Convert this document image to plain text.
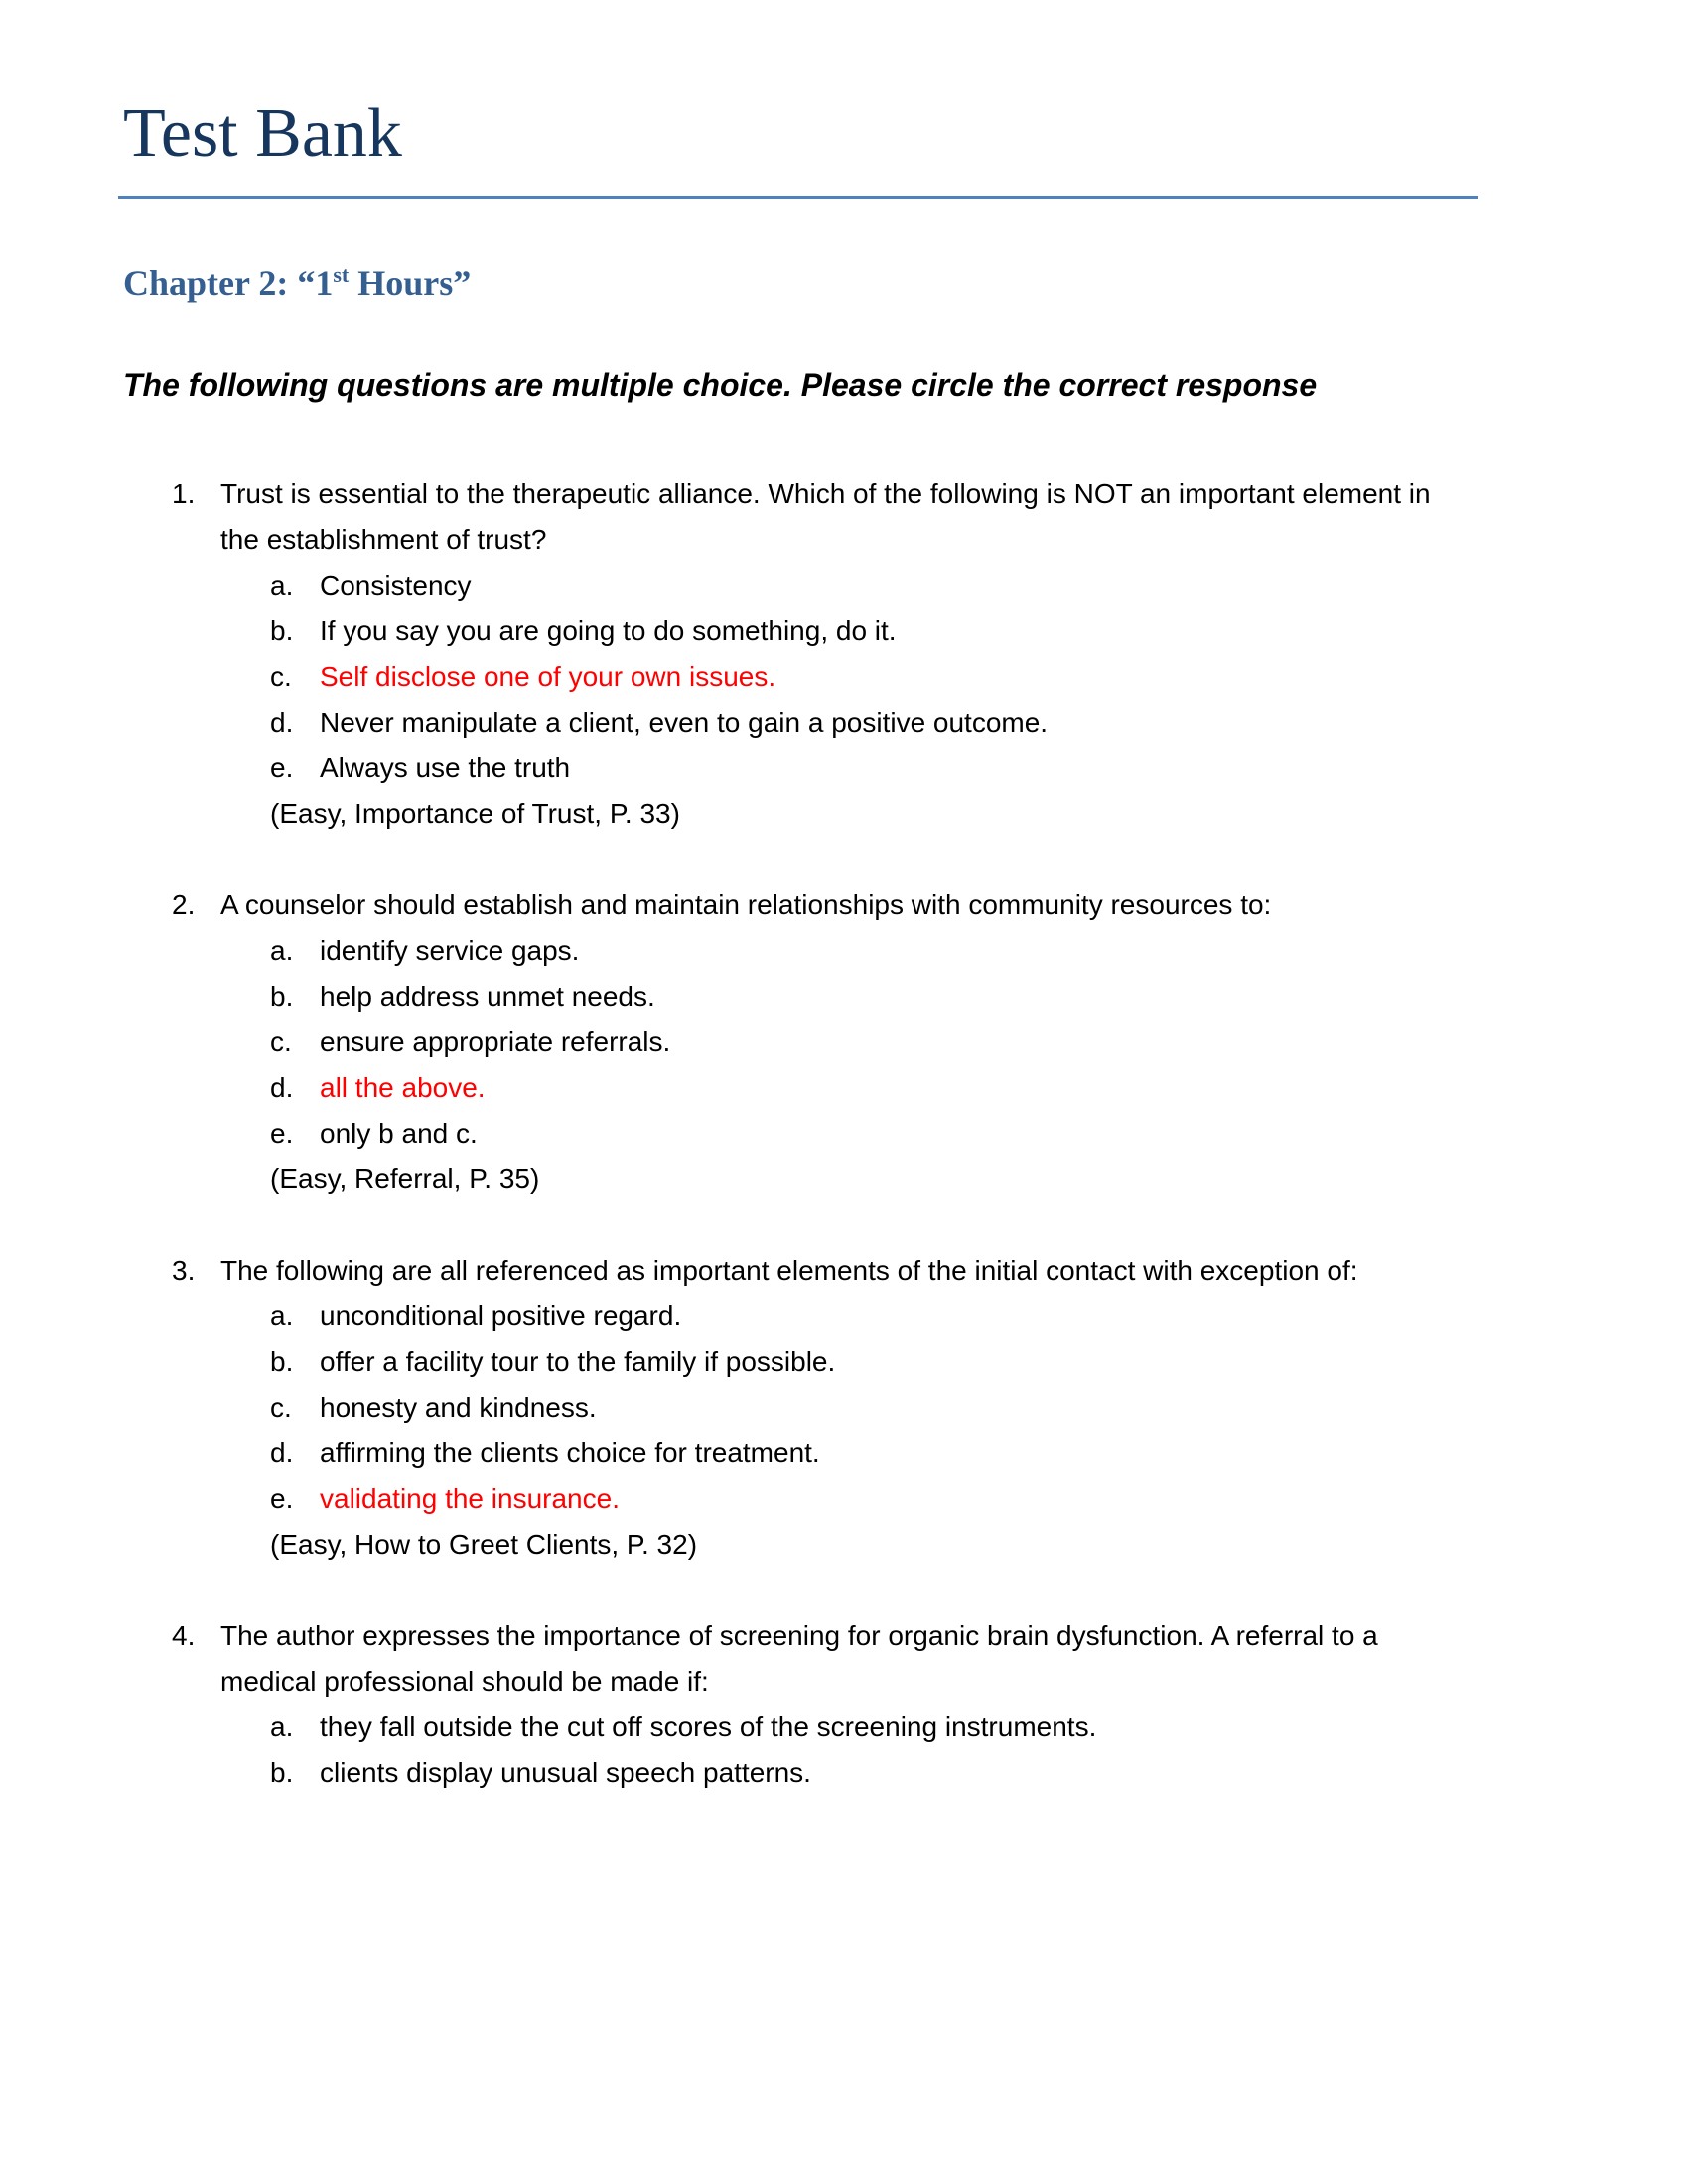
Test Bank
Chapter 2: “1st Hours”
The following questions are multiple choice. Please circle the correct response
1. Trust is essential to the therapeutic alliance. Which of the following is NOT an important element in the establishment of trust?
a. Consistency
b. If you say you are going to do something, do it.
c. Self disclose one of your own issues.
d. Never manipulate a client, even to gain a positive outcome.
e. Always use the truth
(Easy, Importance of Trust, P. 33)
2. A counselor should establish and maintain relationships with community resources to:
a. identify service gaps.
b. help address unmet needs.
c. ensure appropriate referrals.
d. all the above.
e. only b and c.
(Easy, Referral, P. 35)
3. The following are all referenced as important elements of the initial contact with exception of:
a. unconditional positive regard.
b. offer a facility tour to the family if possible.
c. honesty and kindness.
d. affirming the clients choice for treatment.
e. validating the insurance.
(Easy, How to Greet Clients, P. 32)
4. The author expresses the importance of screening for organic brain dysfunction. A referral to a medical professional should be made if:
a. they fall outside the cut off scores of the screening instruments.
b. clients display unusual speech patterns.
